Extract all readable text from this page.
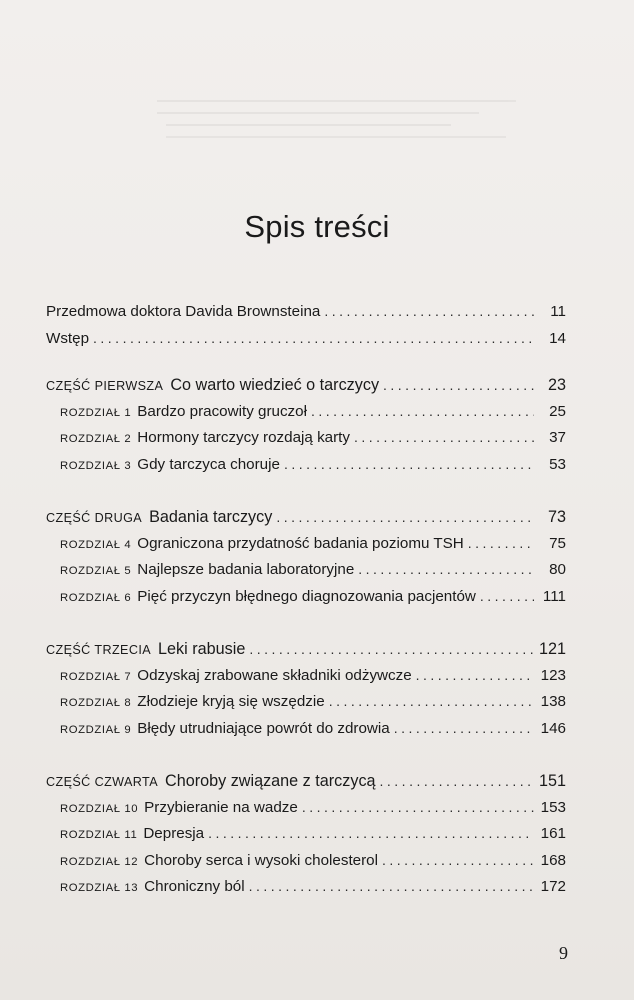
Spis treści
Przedmowa doktora Davida Brownsteina . . .	11
Wstęp . . .	14
CZĘŚĆ PIERWSZA Co warto wiedzieć o tarczycy . . .	23
ROZDZIAŁ 1 Bardzo pracowity gruczoł . . .	25
ROZDZIAŁ 2 Hormony tarczycy rozdają karty . . .	37
ROZDZIAŁ 3 Gdy tarczyca choruje . . .	53
CZĘŚĆ DRUGA Badania tarczycy . . .	73
ROZDZIAŁ 4 Ograniczona przydatność badania poziomu TSH . . .	75
ROZDZIAŁ 5 Najlepsze badania laboratoryjne . . .	80
ROZDZIAŁ 6 Pięć przyczyn błędnego diagnozowania pacjentów . . .	111
CZĘŚĆ TRZECIA Leki rabusie . . .	121
ROZDZIAŁ 7 Odzyskaj zrabowane składniki odżywcze . . .	123
ROZDZIAŁ 8 Złodzieje kryją się wszędzie . . .	138
ROZDZIAŁ 9 Błędy utrudniające powrót do zdrowia . . .	146
CZĘŚĆ CZWARTA Choroby związane z tarczycą . . .	151
ROZDZIAŁ 10 Przybieranie na wadze . . .	153
ROZDZIAŁ 11 Depresja . . .	161
ROZDZIAŁ 12 Choroby serca i wysoki cholesterol . . .	168
ROZDZIAŁ 13 Chroniczny ból . . .	172
9
